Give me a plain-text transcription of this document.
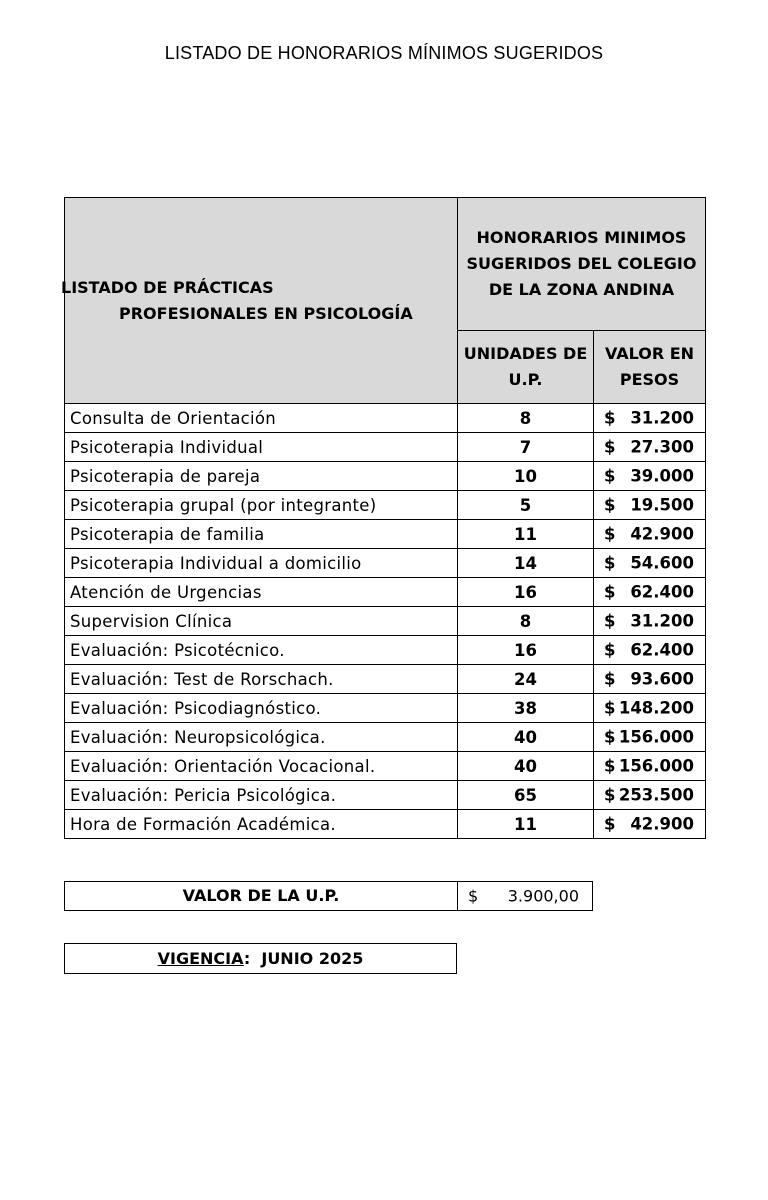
LISTADO DE HONORARIOS MÍNIMOS SUGERIDOS
LISTADO DE PRÁCTICAS
PROFESIONALES EN PSICOLOGÍA	HONORARIOS MINIMOS SUGERIDOS DEL COLEGIO DE LA ZONA ANDINA	
	UNIDADES DE U.P.	VALOR EN PESOS
Consulta de Orientación	8	$ 31.200

Psicoterapia Individual	7	$ 27.300

Psicoterapia de pareja	10	$ 39.000

Psicoterapia grupal (por integrante)	5	$ 19.500

Psicoterapia de familia	11	$ 42.900

Psicoterapia Individual a domicilio	14	$ 54.600

Atención de Urgencias	16	$ 62.400

Supervision Clínica	8	$ 31.200

Evaluación: Psicotécnico.	16	$ 62.400

Evaluación: Test de Rorschach.	24	$ 93.600

Evaluación: Psicodiagnóstico.	38	$ 148.200

Evaluación: Neuropsicológica.	40	$ 156.000

Evaluación: Orientación Vocacional.	40	$ 156.000

Evaluación: Pericia Psicológica.	65	$ 253.500

Hora de Formación Académica.	11	$ 42.900
VALOR DE LA U.P.	$ 3.900,00
VIGENCIA: JUNIO 2025
